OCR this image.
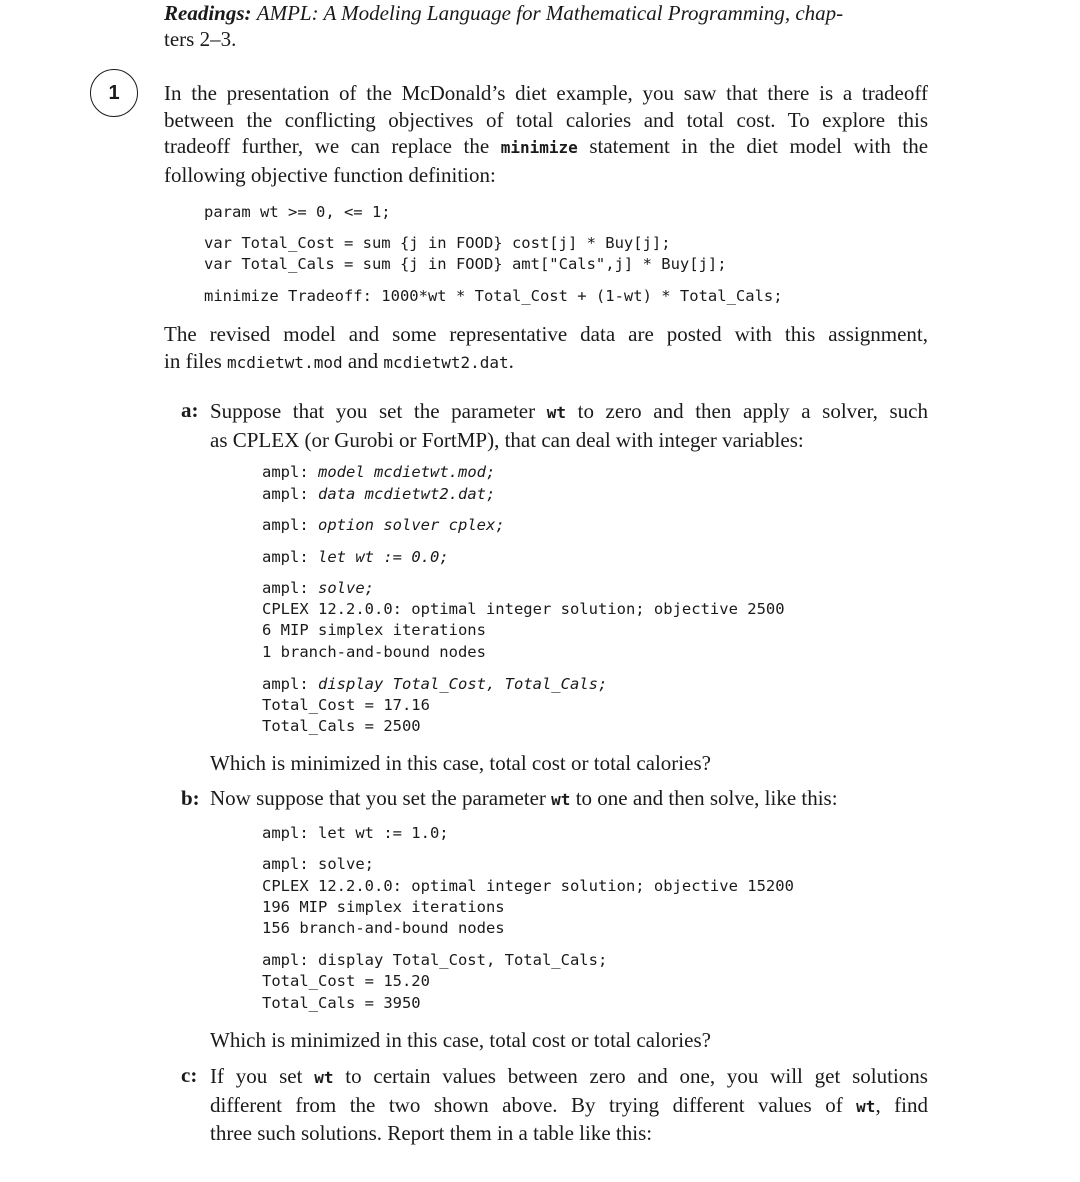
Readings: AMPL: A Modeling Language for Mathematical Programming, chap-
ters 2–3.
1 In the presentation of the McDonald’s diet example, you saw that there is a tradeoff
between the conflicting objectives of total calories and total cost. To explore this
tradeoff further, we can replace the minimize statement in the diet model with the
following objective function definition:
param wt >= 0, <= 1;
var Total_Cost = sum {j in FOOD} cost[j] * Buy[j];
var Total_Cals = sum {j in FOOD} amt["Cals",j] * Buy[j];
minimize Tradeoff: 1000*wt * Total_Cost + (1-wt) * Total_Cals;
The revised model and some representative data are posted with this assignment,
in files mcdietwt.mod and mcdietwt2.dat.
a: Suppose that you set the parameter wt to zero and then apply a solver, such
as CPLEX (or Gurobi or FortMP), that can deal with integer variables:
ampl: model mcdietwt.mod;
ampl: data mcdietwt2.dat;
ampl: option solver cplex;
ampl: let wt := 0.0;
ampl: solve;
CPLEX 12.2.0.0: optimal integer solution; objective 2500
6 MIP simplex iterations
1 branch-and-bound nodes
ampl: display Total_Cost, Total_Cals;
Total_Cost = 17.16
Total_Cals = 2500
Which is minimized in this case, total cost or total calories?
b: Now suppose that you set the parameter wt to one and then solve, like this:
ampl: let wt := 1.0;
ampl: solve;
CPLEX 12.2.0.0: optimal integer solution; objective 15200
196 MIP simplex iterations
156 branch-and-bound nodes
ampl: display Total_Cost, Total_Cals;
Total_Cost = 15.20
Total_Cals = 3950
Which is minimized in this case, total cost or total calories?
c: If you set wt to certain values between zero and one, you will get solutions
different from the two shown above. By trying different values of wt, find
three such solutions. Report them in a table like this:
